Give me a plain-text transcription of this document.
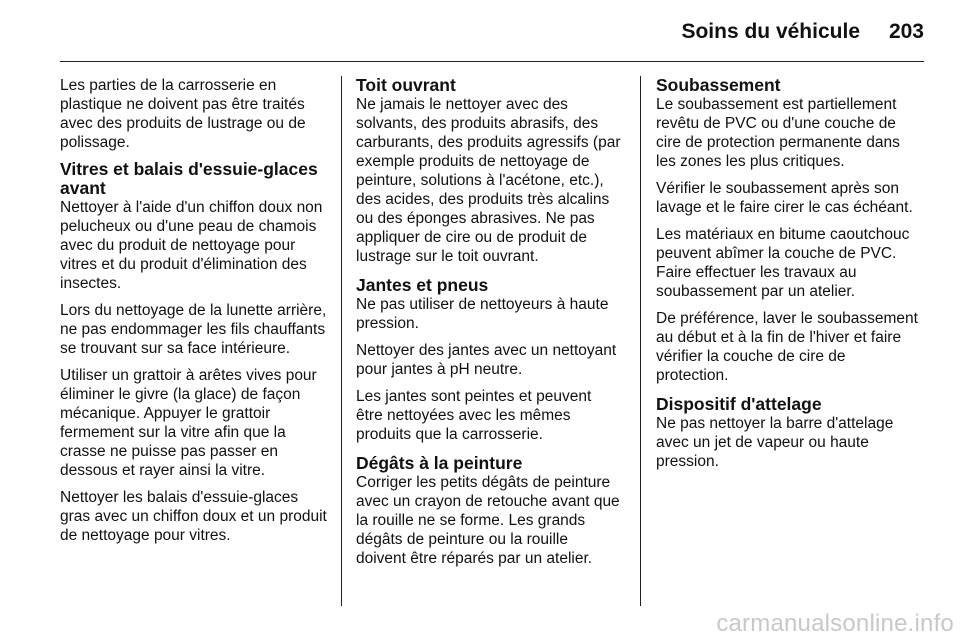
Soins du véhicule	203

Les parties de la carrosserie en plastique ne doivent pas être traités avec des produits de lustrage ou de polissage.

Vitres et balais d'essuie-glaces avant

Nettoyer à l'aide d'un chiffon doux non pelucheux ou d'une peau de chamois avec du produit de nettoyage pour vitres et du produit d'élimination des insectes.

Lors du nettoyage de la lunette arrière, ne pas endommager les fils chauffants se trouvant sur sa face intérieure.

Utiliser un grattoir à arêtes vives pour éliminer le givre (la glace) de façon mécanique. Appuyer le grattoir fermement sur la vitre afin que la crasse ne puisse pas passer en dessous et rayer ainsi la vitre.

Nettoyer les balais d'essuie-glaces gras avec un chiffon doux et un produit de nettoyage pour vitres.

Toit ouvrant

Ne jamais le nettoyer avec des solvants, des produits abrasifs, des carburants, des produits agressifs (par exemple produits de nettoyage de peinture, solutions à l'acétone, etc.), des acides, des produits très alcalins ou des éponges abrasives. Ne pas appliquer de cire ou de produit de lustrage sur le toit ouvrant.

Jantes et pneus

Ne pas utiliser de nettoyeurs à haute pression.

Nettoyer des jantes avec un nettoyant pour jantes à pH neutre.

Les jantes sont peintes et peuvent être nettoyées avec les mêmes produits que la carrosserie.

Dégâts à la peinture

Corriger les petits dégâts de peinture avec un crayon de retouche avant que la rouille ne se forme. Les grands dégâts de peinture ou la rouille doivent être réparés par un atelier.

Soubassement

Le soubassement est partiellement revêtu de PVC ou d'une couche de cire de protection permanente dans les zones les plus critiques.

Vérifier le soubassement après son lavage et le faire cirer le cas échéant.

Les matériaux en bitume caoutchouc peuvent abîmer la couche de PVC. Faire effectuer les travaux au soubassement par un atelier.

De préférence, laver le soubassement au début et à la fin de l'hiver et faire vérifier la couche de cire de protection.

Dispositif d'attelage

Ne pas nettoyer la barre d'attelage avec un jet de vapeur ou haute pression.

carmanualsonline.info
